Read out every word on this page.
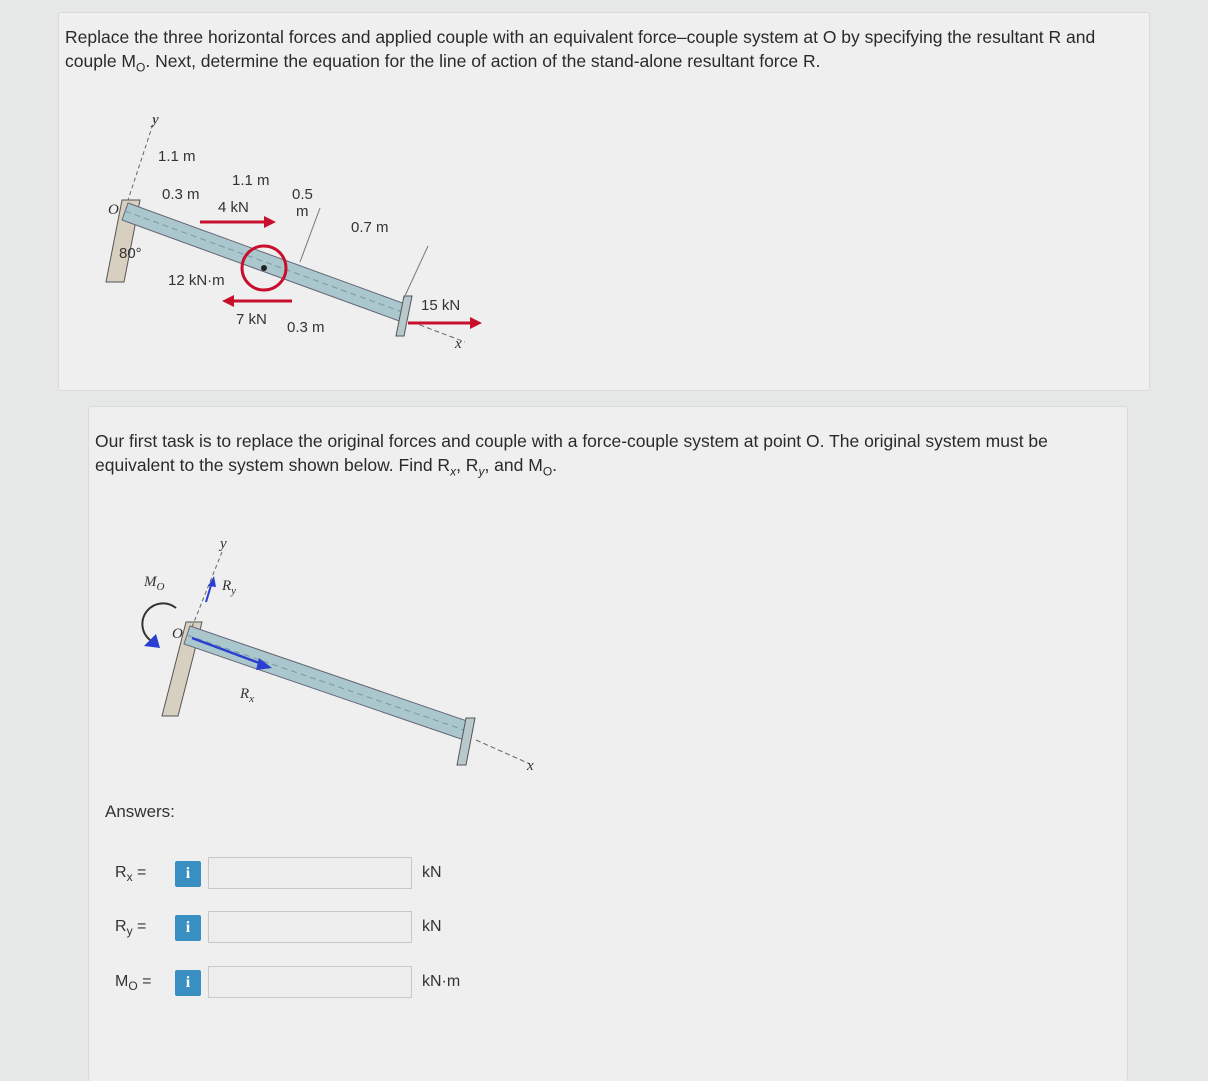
Replace the three horizontal forces and applied couple with an equivalent force–couple system at O by specifying the resultant R and couple $M_O$. Next, determine the equation for the line of action of the stand-alone resultant force R.
y
x
O
80°
1.1 m
0.3 m
1.1 m
0.5
m
0.7 m
4 kN
12 kN·m
7 kN 0.3 m
15 kN
Our first task is to replace the original forces and couple with a force-couple system at point O. The original system must be equivalent to the system shown below. Find $R_x$, $R_y$, and $M_O$.
y
x
O
$M_O$	$R_y$
$R_x$
Answers:
$R_x$ =	i	kN
$R_y$ =	i	kN
$M_O$ =	i	kN·m
